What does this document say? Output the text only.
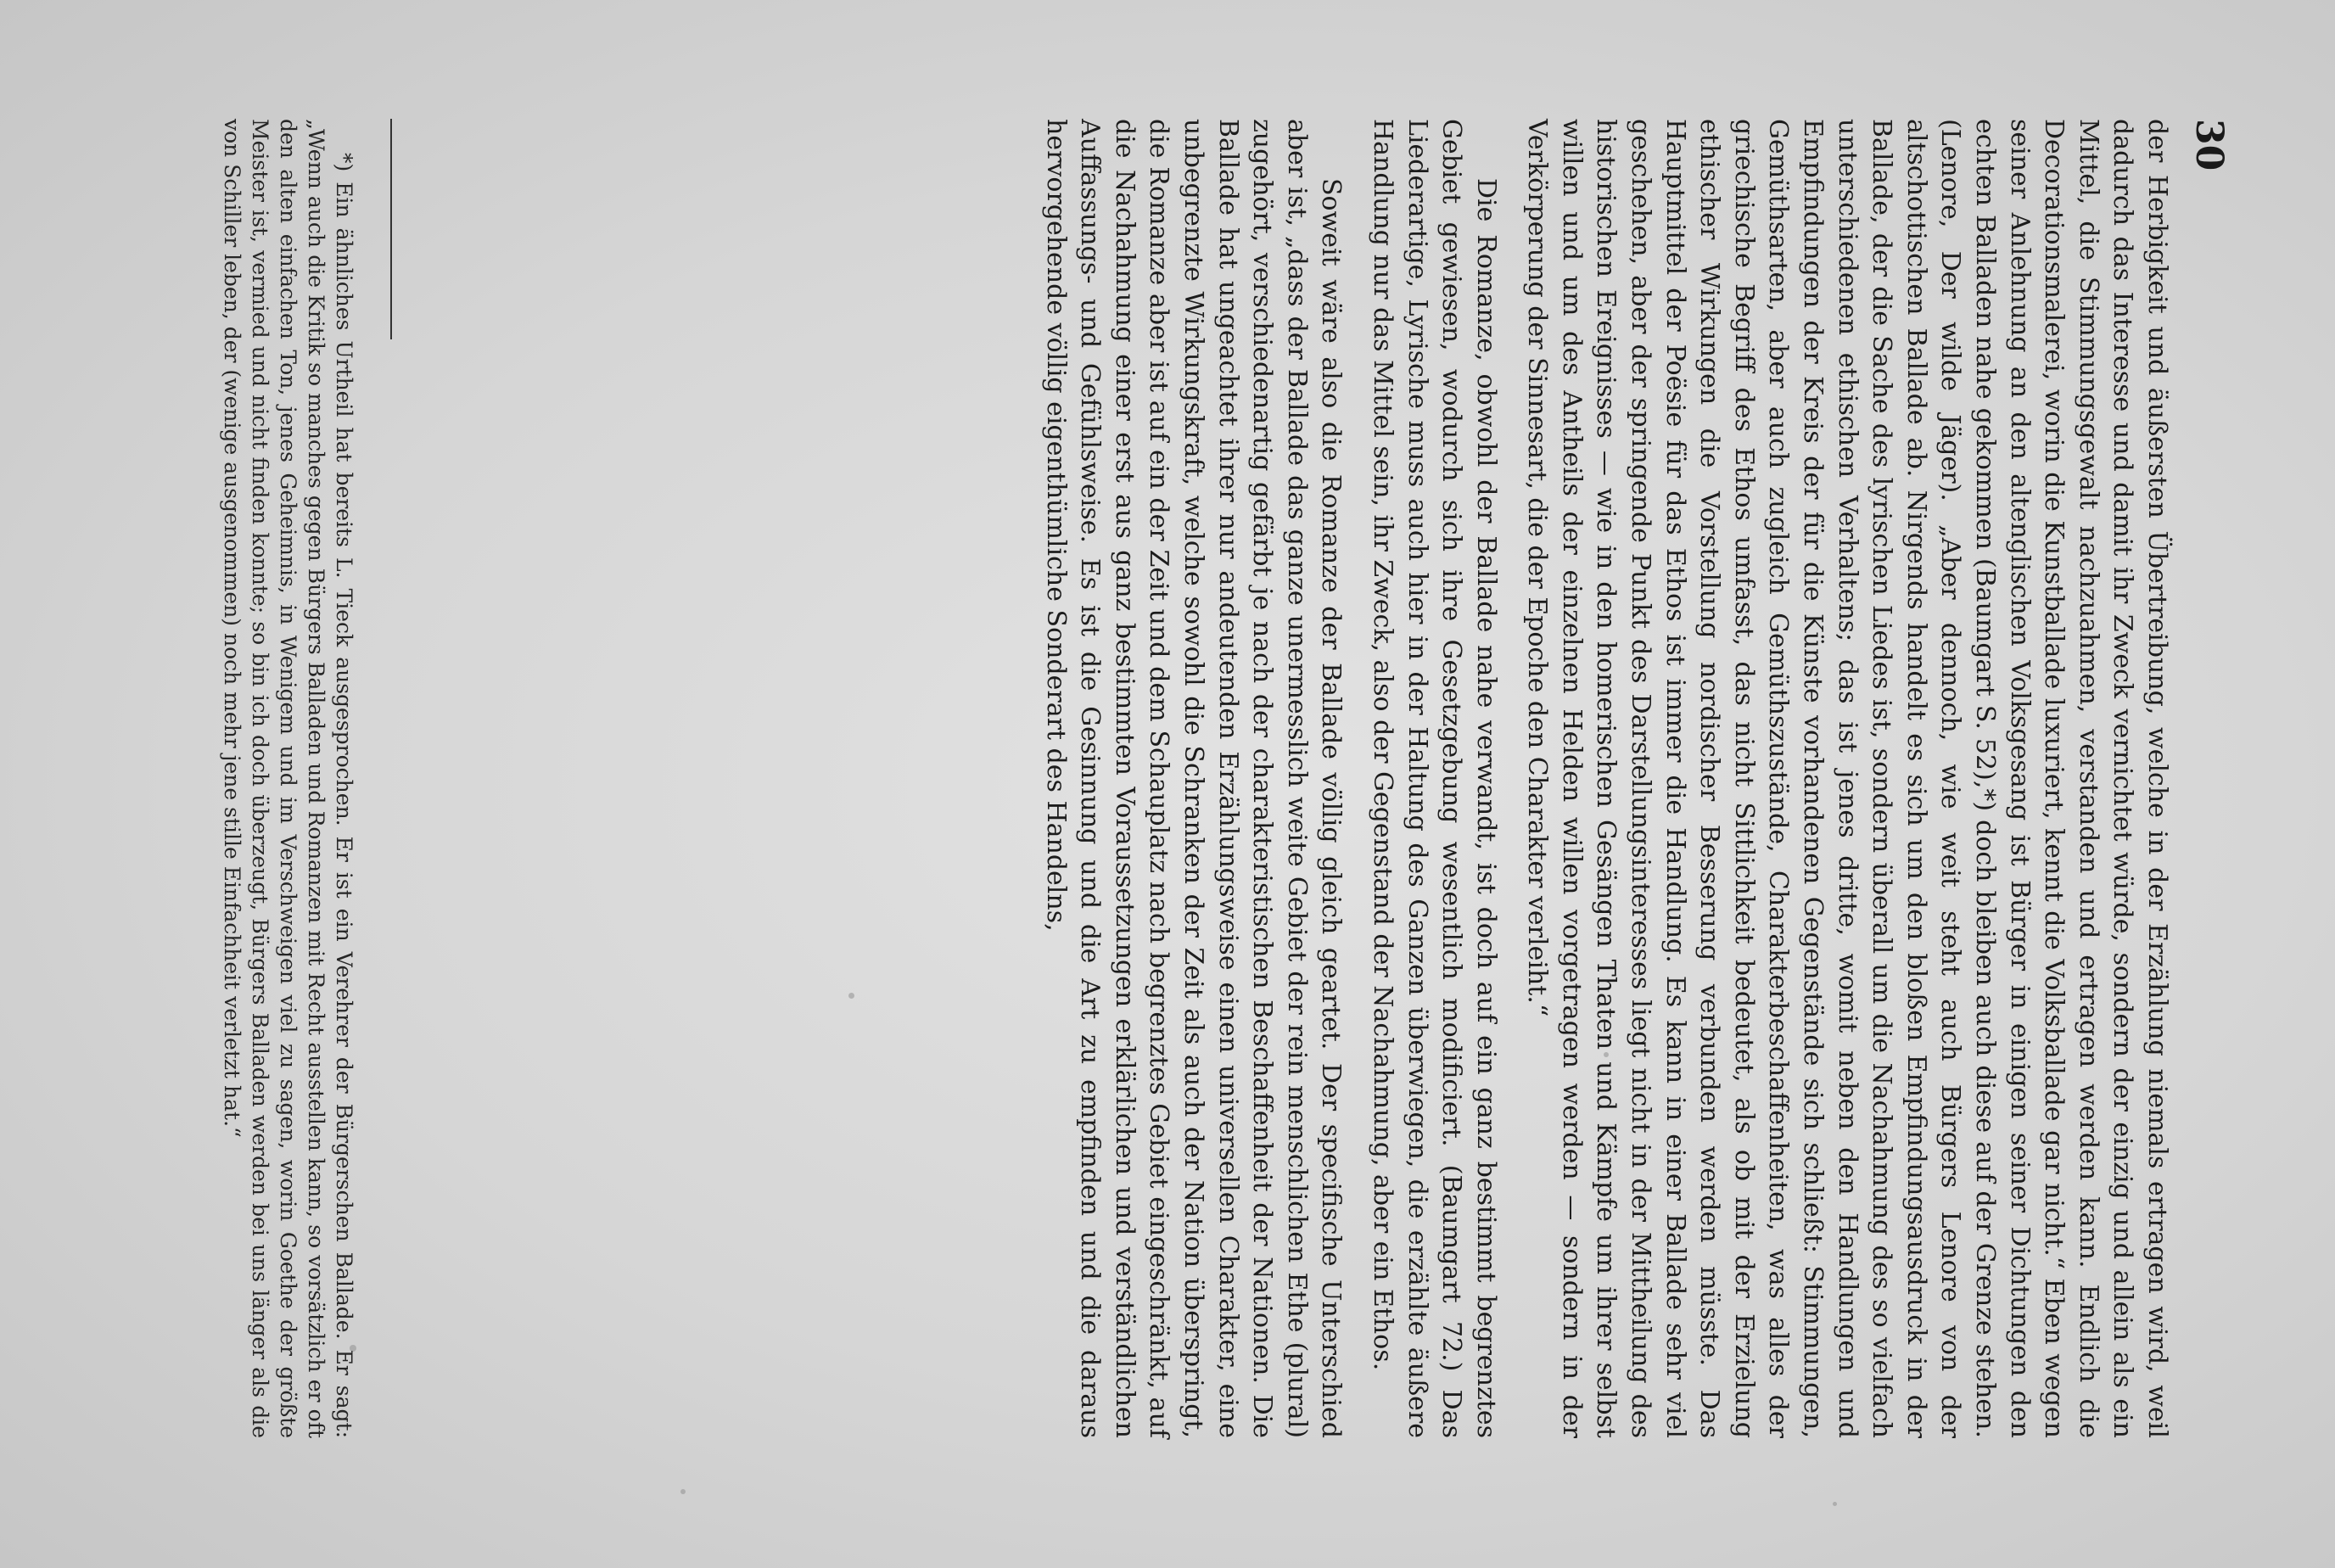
30

der Herbigkeit und äußersten Übertreibung, welche in der Erzählung niemals ertragen wird, weil dadurch das Interesse und damit ihr Zweck vernichtet würde, sondern der einzig und allein als ein Mittel, die Stimmungsgewalt nachzuahmen, verstanden und ertragen werden kann. Endlich die Decorationsmalerei, worin die Kunstballade luxuriert, kennt die Volksballade gar nicht.“ Eben wegen seiner Anlehnung an den altenglischen Volksgesang ist Bürger in einigen seiner Dichtungen den echten Balladen nahe gekommen (Baumgart S. 52),*) doch bleiben auch diese auf der Grenze stehen. (Lenore, Der wilde Jäger). „Aber dennoch, wie weit steht auch Bürgers Lenore von der altschottischen Ballade ab. Nirgends handelt es sich um den bloßen Empfindungsausdruck in der Ballade, der die Sache des lyrischen Liedes ist, sondern überall um die Nachahmung des so vielfach unterschiedenen ethischen Verhaltens; das ist jenes dritte, womit neben den Handlungen und Empfindungen der Kreis der für die Künste vorhandenen Gegenstände sich schließt: Stimmungen, Gemüthsarten, aber auch zugleich Gemüthszustände, Charakterbeschaffenheiten, was alles der griechische Begriff des Ethos umfasst, das nicht Sittlichkeit bedeutet, als ob mit der Erzielung ethischer Wirkungen die Vorstellung nordischer Besserung verbunden werden müsste. Das Hauptmittel der Poësie für das Ethos ist immer die Handlung. Es kann in einer Ballade sehr viel geschehen, aber der springende Punkt des Darstellungsinteresses liegt nicht in der Mittheilung des historischen Ereignisses — wie in den homerischen Gesängen Thaten und Kämpfe um ihrer selbst willen und um des Antheils der einzelnen Helden willen vorgetragen werden — sondern in der Verkörperung der Sinnesart, die der Epoche den Charakter verleiht.“

Die Romanze, obwohl der Ballade nahe verwandt, ist doch auf ein ganz bestimmt begrenztes Gebiet gewiesen, wodurch sich ihre Gesetzgebung wesentlich modificiert. (Baumgart 72.) Das Liederartige, Lyrische muss auch hier in der Haltung des Ganzen überwiegen, die erzählte äußere Handlung nur das Mittel sein, ihr Zweck, also der Gegenstand der Nachahmung, aber ein Ethos.

Soweit wäre also die Romanze der Ballade völlig gleich geartet. Der specifische Unterschied aber ist, „dass der Ballade das ganze unermesslich weite Gebiet der rein menschlichen Ethe (plural) zugehört, verschiedenartig gefärbt je nach der charakteristischen Beschaffenheit der Nationen. Die Ballade hat ungeachtet ihrer nur andeutenden Erzählungsweise einen universellen Charakter, eine unbegrenzte Wirkungskraft, welche sowohl die Schranken der Zeit als auch der Nation überspringt, die Romanze aber ist auf ein der Zeit und dem Schauplatz nach begrenztes Gebiet eingeschränkt, auf die Nachahmung einer erst aus ganz bestimmten Voraussetzungen erklärlichen und verständlichen Auffassungs- und Gefühlsweise. Es ist die Gesinnung und die Art zu empfinden und die daraus hervorgehende völlig eigenthümliche Sonderart des Handelns,

*) Ein ähnliches Urtheil hat bereits L. Tieck ausgesprochen. Er ist ein Verehrer der Bürgerschen Ballade. Er sagt: „Wenn auch die Kritik so manches gegen Bürgers Balladen und Romanzen mit Recht ausstellen kann, so vorsätzlich er oft den alten einfachen Ton, jenes Geheimnis, in Wenigem und im Verschweigen viel zu sagen, worin Goethe der größte Meister ist, vermied und nicht finden konnte; so bin ich doch überzeugt, Bürgers Balladen werden bei uns länger als die von Schiller leben, der (wenige ausgenommen) noch mehr jene stille Einfachheit verletzt hat.“
